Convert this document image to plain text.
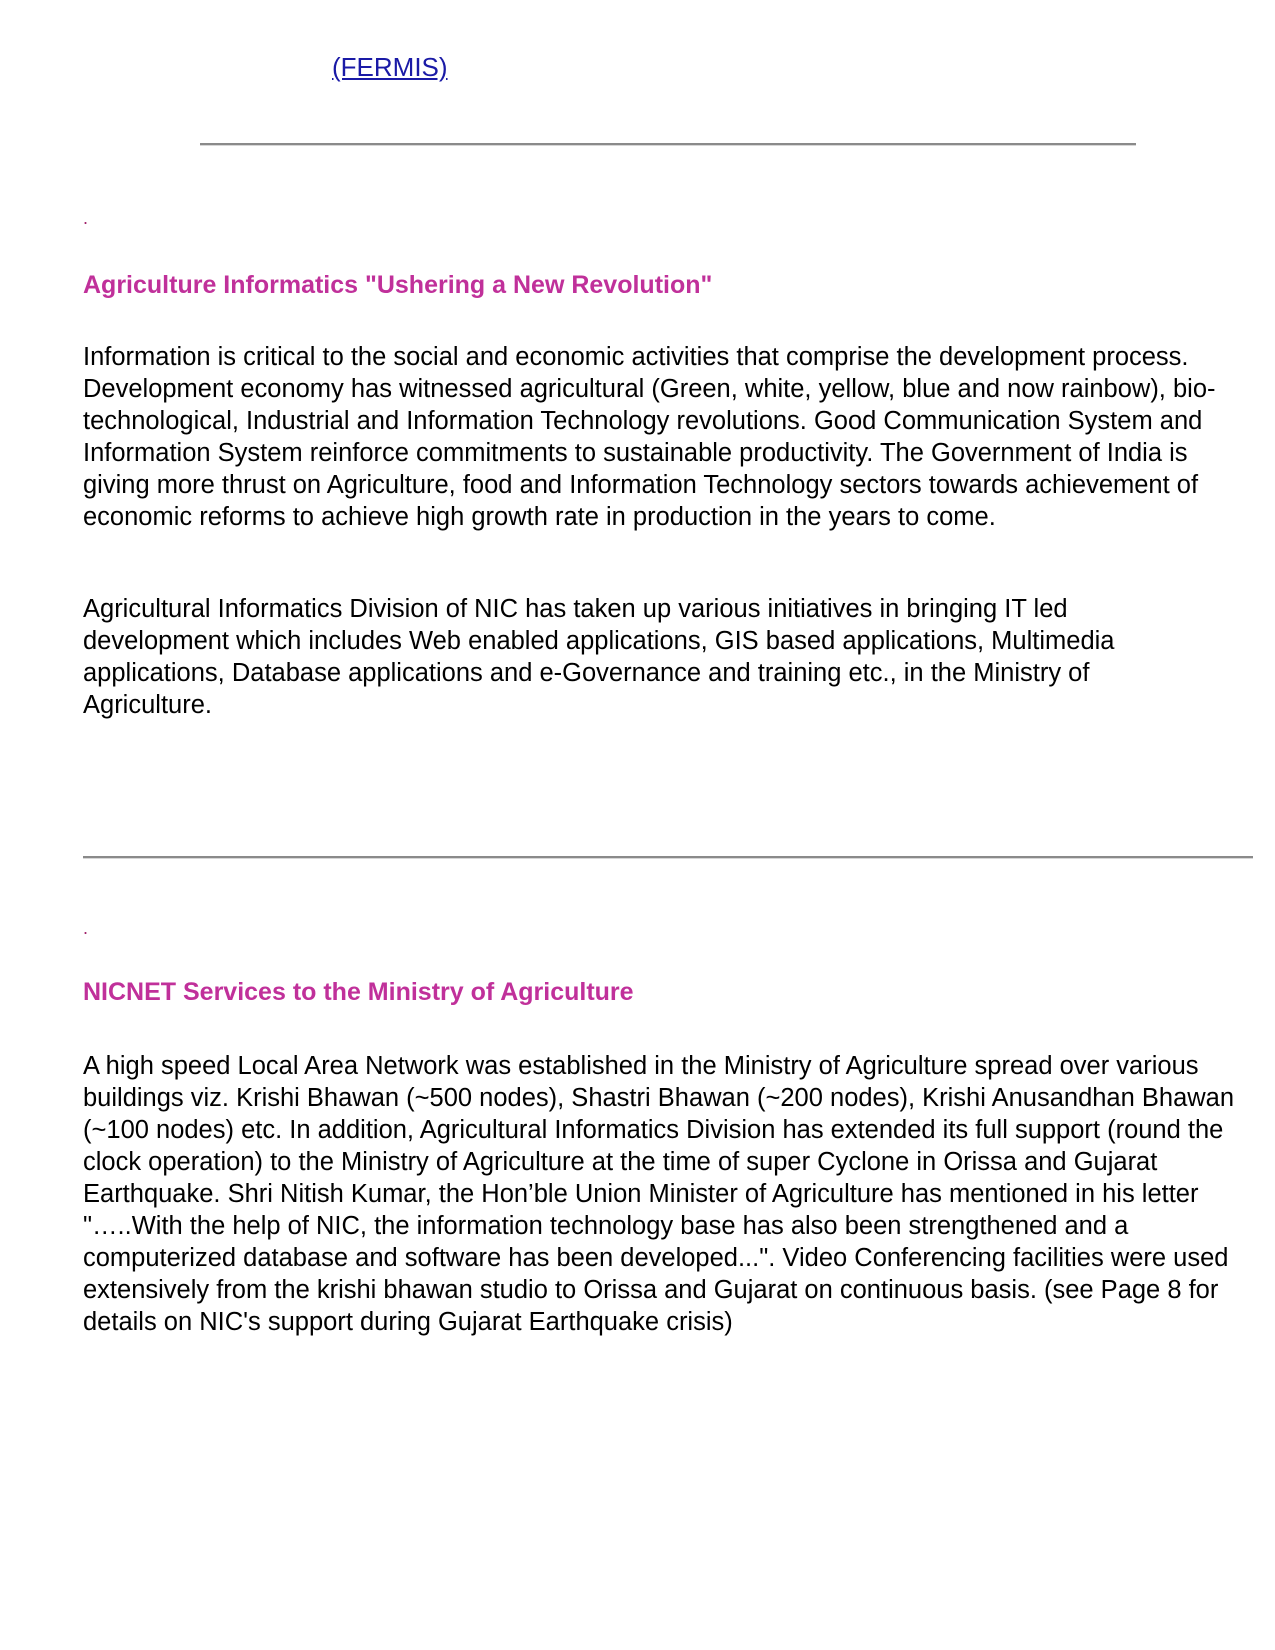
(FERMIS)
.
Agriculture Informatics "Ushering a New Revolution"

Information is critical to the social and economic activities that comprise the development process. Development economy has witnessed agricultural (Green, white, yellow, blue and now rainbow), bio-technological, Industrial and Information Technology revolutions. Good Communication System and Information System reinforce commitments to sustainable productivity. The Government of India is giving more thrust on Agriculture, food and Information Technology sectors towards achievement of economic reforms to achieve high growth rate in production in the years to come.

Agricultural Informatics Division of NIC has taken up various initiatives in bringing IT led development which includes Web enabled applications, GIS based applications, Multimedia applications, Database applications and e-Governance and training etc., in the Ministry of Agriculture.

.
NICNET Services to the Ministry of Agriculture

A high speed Local Area Network was established in the Ministry of Agriculture spread over various buildings viz. Krishi Bhawan (~500 nodes), Shastri Bhawan (~200 nodes), Krishi Anusandhan Bhawan (~100 nodes) etc. In addition, Agricultural Informatics Division has extended its full support (round the clock operation) to the Ministry of Agriculture at the time of super Cyclone in Orissa and Gujarat Earthquake. Shri Nitish Kumar, the Hon’ble Union Minister of Agriculture has mentioned in his letter "…..With the help of NIC, the information technology base has also been strengthened and a computerized database and software has been developed...". Video Conferencing facilities were used extensively from the krishi bhawan studio to Orissa and Gujarat on continuous basis. (see Page 8 for details on NIC's support during Gujarat Earthquake crisis)
